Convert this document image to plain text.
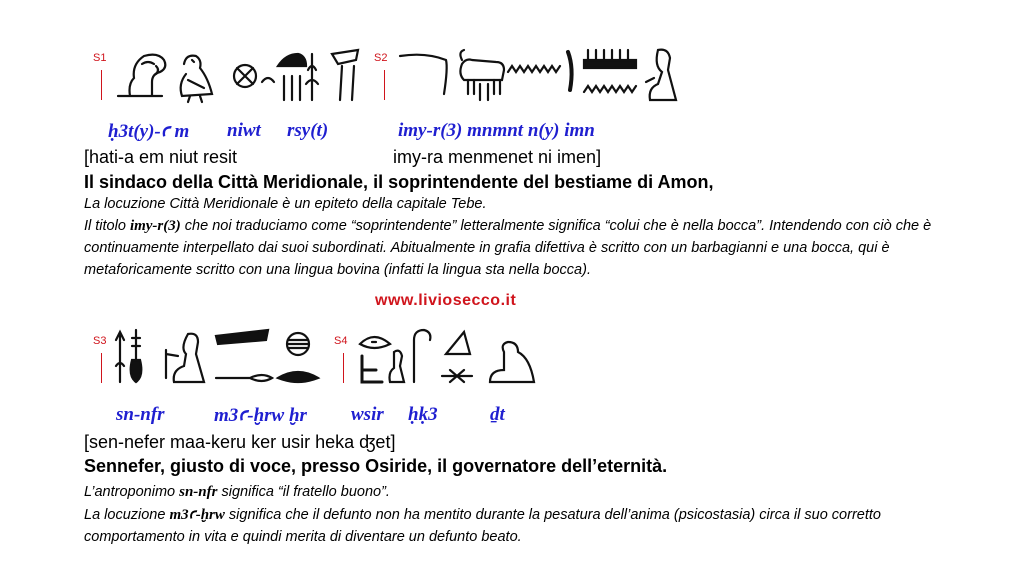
S1	S2
ḥ3t(y)-ꜥ m niwt rsy(t)	imy-r(3) mnmnt n(y) imn
[hati-a em niut resit	imy-ra menmenet ni imen]
Il sindaco della Città Meridionale, il soprintendente del bestiame di Amon,
La locuzione Città Meridionale è un epiteto della capitale Tebe.
Il titolo imy-r(3) che noi traduciamo come “soprintendente” letteralmente significa “colui che è nella bocca”. Intendendo con ciò che è continuamente interpellato dai suoi subordinati. Abitualmente in grafia difettiva è scritto con un barbagianni e una bocca, qui è metaforicamente scritto con una lingua bovina (infatti la lingua sta nella bocca).
www.liviosecco.it
S3	S4
sn-nfr	m3ꜥ-ḫrw ḫr wsir ḥḳ3	ḏt
[sen-nefer maa-keru ker usir heka ʤet]
Sennefer, giusto di voce, presso Osiride, il governatore dell’eternità.
L’antroponimo sn-nfr significa “il fratello buono”.
La locuzione m3ꜥ-ḫrw significa che il defunto non ha mentito durante la pesatura dell’anima (psicostasia) circa il suo corretto comportamento in vita e quindi merita di diventare un defunto beato.
